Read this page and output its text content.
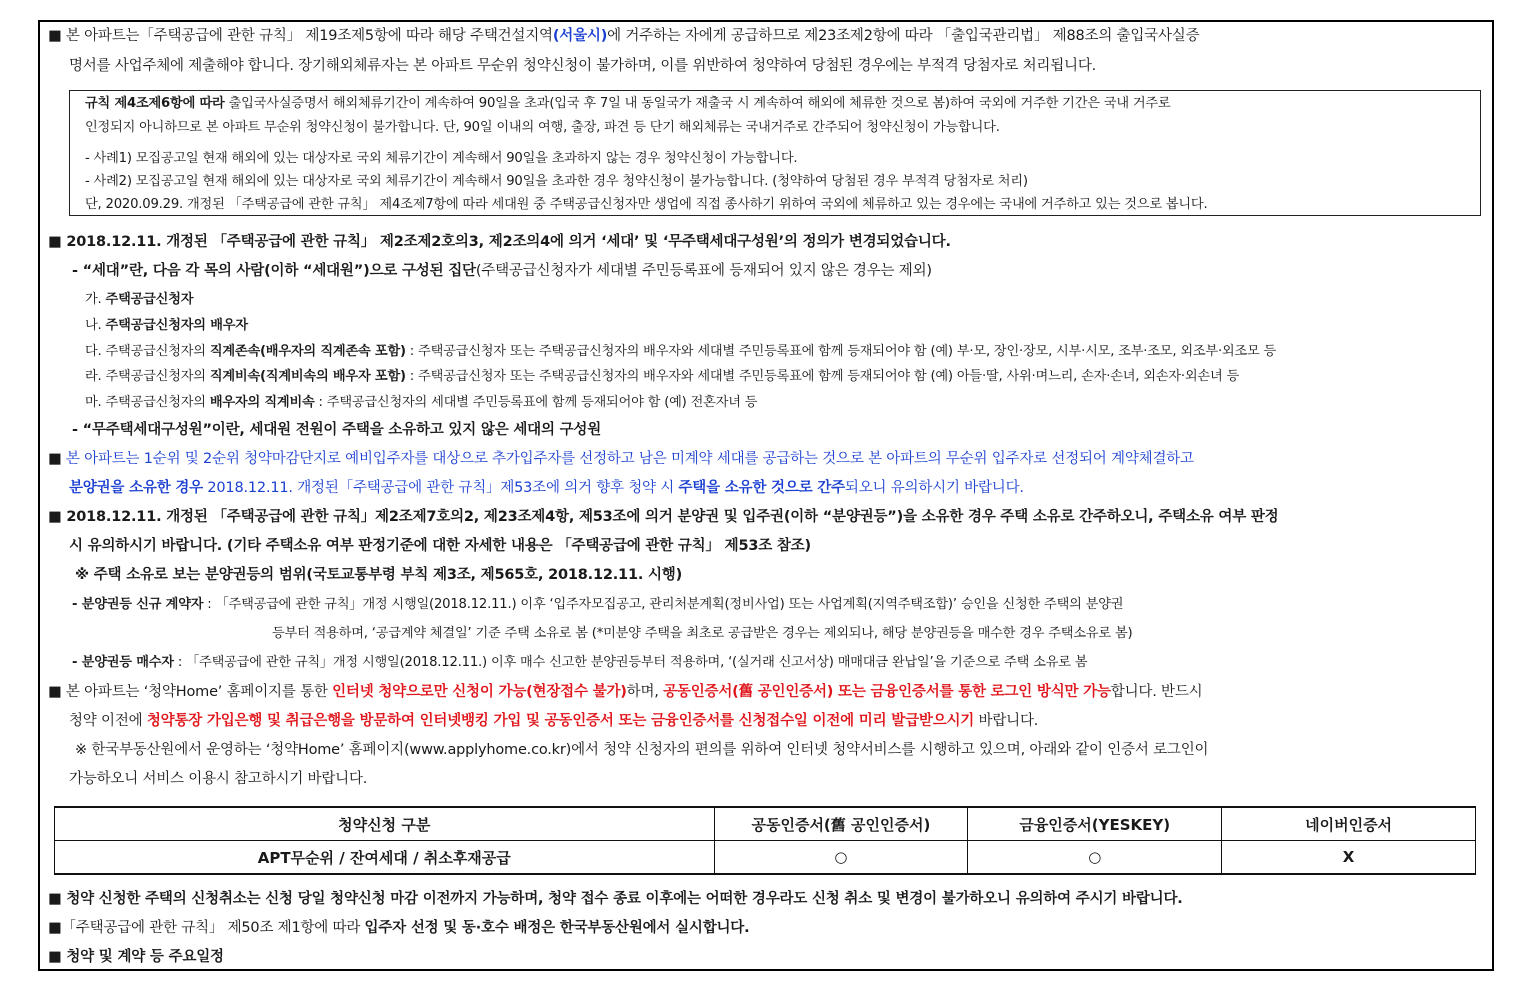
■ 본 아파트는「주택공급에 관한 규칙」 제19조제5항에 따라 해당 주택건설지역(서울시)에 거주하는 자에게 공급하므로 제23조제2항에 따라 「출입국관리법」 제88조의 출입국사실증
명서를 사업주체에 제출해야 합니다. 장기해외체류자는 본 아파트 무순위 청약신청이 불가하며, 이를 위반하여 청약하여 당첨된 경우에는 부적격 당첨자로 처리됩니다.
규칙 제4조제6항에 따라 출입국사실증명서 해외체류기간이 계속하여 90일을 초과(입국 후 7일 내 동일국가 재출국 시 계속하여 해외에 체류한 것으로 봄)하여 국외에 거주한 기간은 국내 거주로
인정되지 아니하므로 본 아파트 무순위 청약신청이 불가합니다. 단, 90일 이내의 여행, 출장, 파견 등 단기 해외체류는 국내거주로 간주되어 청약신청이 가능합니다.
- 사례1) 모집공고일 현재 해외에 있는 대상자로 국외 체류기간이 계속해서 90일을 초과하지 않는 경우 청약신청이 가능합니다.
- 사례2) 모집공고일 현재 해외에 있는 대상자로 국외 체류기간이 계속해서 90일을 초과한 경우 청약신청이 불가능합니다. (청약하여 당첨된 경우 부적격 당첨자로 처리)
단, 2020.09.29. 개정된 「주택공급에 관한 규칙」 제4조제7항에 따라 세대원 중 주택공급신청자만 생업에 직접 종사하기 위하여 국외에 체류하고 있는 경우에는 국내에 거주하고 있는 것으로 봅니다.
■ 2018.12.11. 개정된 「주택공급에 관한 규칙」 제2조제2호의3, 제2조의4에 의거 ‘세대’ 및 ‘무주택세대구성원’의 정의가 변경되었습니다.
- “세대”란, 다음 각 목의 사람(이하 “세대원”)으로 구성된 집단(주택공급신청자가 세대별 주민등록표에 등재되어 있지 않은 경우는 제외)
가. 주택공급신청자
나. 주택공급신청자의 배우자
다. 주택공급신청자의 직계존속(배우자의 직계존속 포함) : 주택공급신청자 또는 주택공급신청자의 배우자와 세대별 주민등록표에 함께 등재되어야 함 (예) 부·모, 장인·장모, 시부·시모, 조부·조모, 외조부·외조모 등
라. 주택공급신청자의 직계비속(직계비속의 배우자 포함) : 주택공급신청자 또는 주택공급신청자의 배우자와 세대별 주민등록표에 함께 등재되어야 함 (예) 아들·딸, 사위·며느리, 손자·손녀, 외손자·외손녀 등
마. 주택공급신청자의 배우자의 직계비속 : 주택공급신청자의 세대별 주민등록표에 함께 등재되어야 함 (예) 전혼자녀 등
- “무주택세대구성원”이란, 세대원 전원이 주택을 소유하고 있지 않은 세대의 구성원
■ 본 아파트는 1순위 및 2순위 청약마감단지로 예비입주자를 대상으로 추가입주자를 선정하고 남은 미계약 세대를 공급하는 것으로 본 아파트의 무순위 입주자로 선정되어 계약체결하고
분양권을 소유한 경우 2018.12.11. 개정된「주택공급에 관한 규칙」제53조에 의거 향후 청약 시 주택을 소유한 것으로 간주되오니 유의하시기 바랍니다.
■ 2018.12.11. 개정된 「주택공급에 관한 규칙」제2조제7호의2, 제23조제4항, 제53조에 의거 분양권 및 입주권(이하 “분양권등”)을 소유한 경우 주택 소유로 간주하오니, 주택소유 여부 판정
시 유의하시기 바랍니다. (기타 주택소유 여부 판정기준에 대한 자세한 내용은 「주택공급에 관한 규칙」 제53조 참조)
※ 주택 소유로 보는 분양권등의 범위(국토교통부령 부칙 제3조, 제565호, 2018.12.11. 시행)
- 분양권등 신규 계약자 : 「주택공급에 관한 규칙」개정 시행일(2018.12.11.) 이후 ‘입주자모집공고, 관리처분계획(정비사업) 또는 사업계획(지역주택조합)’ 승인을 신청한 주택의 분양권
등부터 적용하며, ‘공급계약 체결일’ 기준 주택 소유로 봄 (*미분양 주택을 최초로 공급받은 경우는 제외되나, 해당 분양권등을 매수한 경우 주택소유로 봄)
- 분양권등 매수자 : 「주택공급에 관한 규칙」개정 시행일(2018.12.11.) 이후 매수 신고한 분양권등부터 적용하며, ‘(실거래 신고서상) 매매대금 완납일’을 기준으로 주택 소유로 봄
■ 본 아파트는 ‘청약Home’ 홈페이지를 통한 인터넷 청약으로만 신청이 가능(현장접수 불가)하며, 공동인증서(舊 공인인증서) 또는 금융인증서를 통한 로그인 방식만 가능합니다. 반드시
청약 이전에 청약통장 가입은행 및 취급은행을 방문하여 인터넷뱅킹 가입 및 공동인증서 또는 금융인증서를 신청접수일 이전에 미리 발급받으시기 바랍니다.
※ 한국부동산원에서 운영하는 ‘청약Home’ 홈페이지(www.applyhome.co.kr)에서 청약 신청자의 편의를 위하여 인터넷 청약서비스를 시행하고 있으며, 아래와 같이 인증서 로그인이
가능하오니 서비스 이용시 참고하시기 바랍니다.
청약신청 구분	공동인증서(舊 공인인증서)	금융인증서(YESKEY)	네이버인증서
APT무순위 / 잔여세대 / 취소후재공급	○	○	X
■ 청약 신청한 주택의 신청취소는 신청 당일 청약신청 마감 이전까지 가능하며, 청약 접수 종료 이후에는 어떠한 경우라도 신청 취소 및 변경이 불가하오니 유의하여 주시기 바랍니다.
■「주택공급에 관한 규칙」 제50조 제1항에 따라 입주자 선정 및 동·호수 배정은 한국부동산원에서 실시합니다.
■ 청약 및 계약 등 주요일정
